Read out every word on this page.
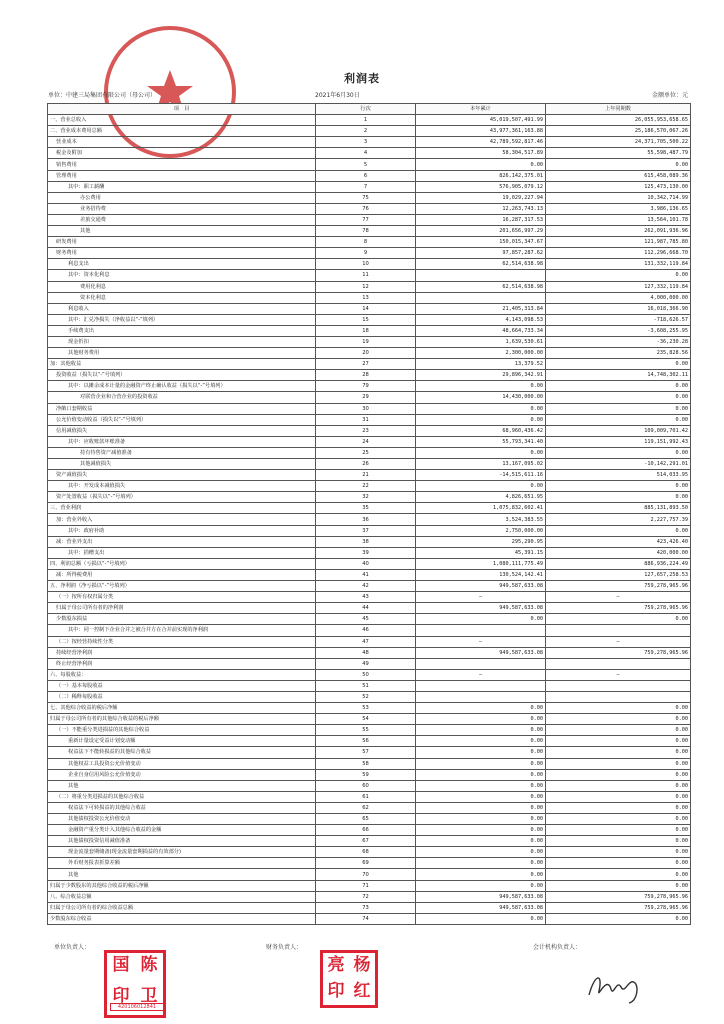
利润表
单位：中建三局集团有限公司（母公司）	2021年6月30日	金额单位：元
项　目	行次	本年累计	上年同期数
一、营业总收入	1	45,019,507,491.99	26,055,953,658.65
二、营业成本费用总额	2	43,977,361,163.88	25,186,570,067.26
营业成本	3	42,789,592,817.46	24,371,705,500.22
税金及附加	4	58,304,517.89	55,598,487.79
销售费用	5	0.00	0.00
管理费用	6	826,142,375.01	615,458,089.36
其中：职工薪酬	7	576,905,079.12	125,473,130.00
办公费用	75	19,029,227.94	10,342,714.99
业务招待费	76	12,263,743.13	3,986,136.65
差旅交通费	77	16,287,317.53	13,564,101.78
其他	78	201,656,997.29	262,091,936.96
研发费用	8	150,015,347.67	121,987,785.80
财务费用	9	97,857,287.62	112,296,668.70
利息支出	10	62,514,638.98	131,332,119.84
其中：资本化利息	11		0.00
费用化利息	12	62,514,638.98	127,332,119.84
资本化利息	13		4,000,000.00
利息收入	14	21,405,313.84	16,018,366.90
其中：汇兑净损失（净收益以“-”填列）	15	4,143,098.53	-718,626.57
手续费支出	18	48,664,733.34	-3,608,255.95
现金折扣	19	1,639,530.61	-36,230.28
其他财务费用	20	2,300,000.00	235,828.56
加：其他收益	27	13,379.52	0.00
投资收益（损失以“-”号填列）	28	29,896,342.91	14,748,302.11
其中：以摊余成本计量的金融资产终止确认收益（损失以“-”号填列）	79	0.00	0.00
对联营企业和合营企业的投资收益	29	14,430,000.00	0.00
净敞口套期收益	30	0.00	0.00
公允价值变动收益（损失以“-”号填列）	31	0.00	0.00
信用减值损失	23	68,960,436.42	109,009,701.42
其中：应收账款坏账准备	24	55,793,341.40	119,151,992.43
持有待售资产减值准备	25	0.00	0.00
其他减值损失	26	13,167,095.02	-10,142,291.01
资产减值损失	21	-14,515,611.16	514,033.95
其中：开发成本减值损失	22	0.00	0.00
资产处置收益（损失以“-”号填列）	32	4,826,651.95	0.00
三、营业利润	35	1,075,832,602.41	885,131,893.50
加：营业外收入	36	3,524,383.55	2,227,757.39
其中：政府补助	37	2,750,000.00	0.00
减：营业外支出	38	295,290.95	423,426.40
其中：捐赠支出	39	45,391.15	420,000.00
四、利润总额（亏损以“-”号填列）	40	1,080,111,775.49	886,936,224.49
减：所得税费用	41	130,524,142.41	127,657,258.53
五、净利润（净亏损以“-”号填列）	42	949,587,633.08	759,278,965.96
（一）按所有权归属分类	43	—	—
归属于母公司所有者的净利润	44	949,587,633.08	759,278,965.96
少数股东损益	45	0.00	0.00
其中：同一控制下企业合并之被合并方在合并前实现的净利润	46		
（二）按经营持续性分类	47	—	—
持续经营净利润	48	949,587,633.08	759,278,965.96
终止经营净利润	49		
六、每股收益：	50	—	—
（一）基本每股收益	51		
（二）稀释每股收益	52		
七、其他综合收益的税后净额	53	0.00	0.00
归属于母公司所有者的其他综合收益的税后净额	54	0.00	0.00
（一）不能重分类进损益的其他综合收益	55	0.00	0.00
重新计量设定受益计划变动额	56	0.00	0.00
权益法下不能转损益的其他综合收益	57	0.00	0.00
其他权益工具投资公允价值变动	58	0.00	0.00
企业自身信用风险公允价值变动	59	0.00	0.00
其他	60	0.00	0.00
（二）将重分类进损益的其他综合收益	61	0.00	0.00
权益法下可转损益的其他综合收益	62	0.00	0.00
其他债权投资公允价值变动	65	0.00	0.00
金融资产重分类计入其他综合收益的金额	66	0.00	0.00
其他债权投资信用减值准备	67	0.00	0.00
现金流量套期储备(现金流量套期损益的有效部分)	68	0.00	0.00
外币财务报表折算差额	69	0.00	0.00
其他	70	0.00	0.00
归属于少数股东的其他综合收益的税后净额	71	0.00	0.00
八、综合收益总额	72	949,587,633.08	759,278,965.96
归属于母公司所有者的综合收益总额	73	949,587,633.08	759,278,965.96
少数股东综合收益	74	0.00	0.00
单位负责人：	财务负责人：	会计机构负责人：
国 陈
印 卫
420106012841
亮 杨
印 红
